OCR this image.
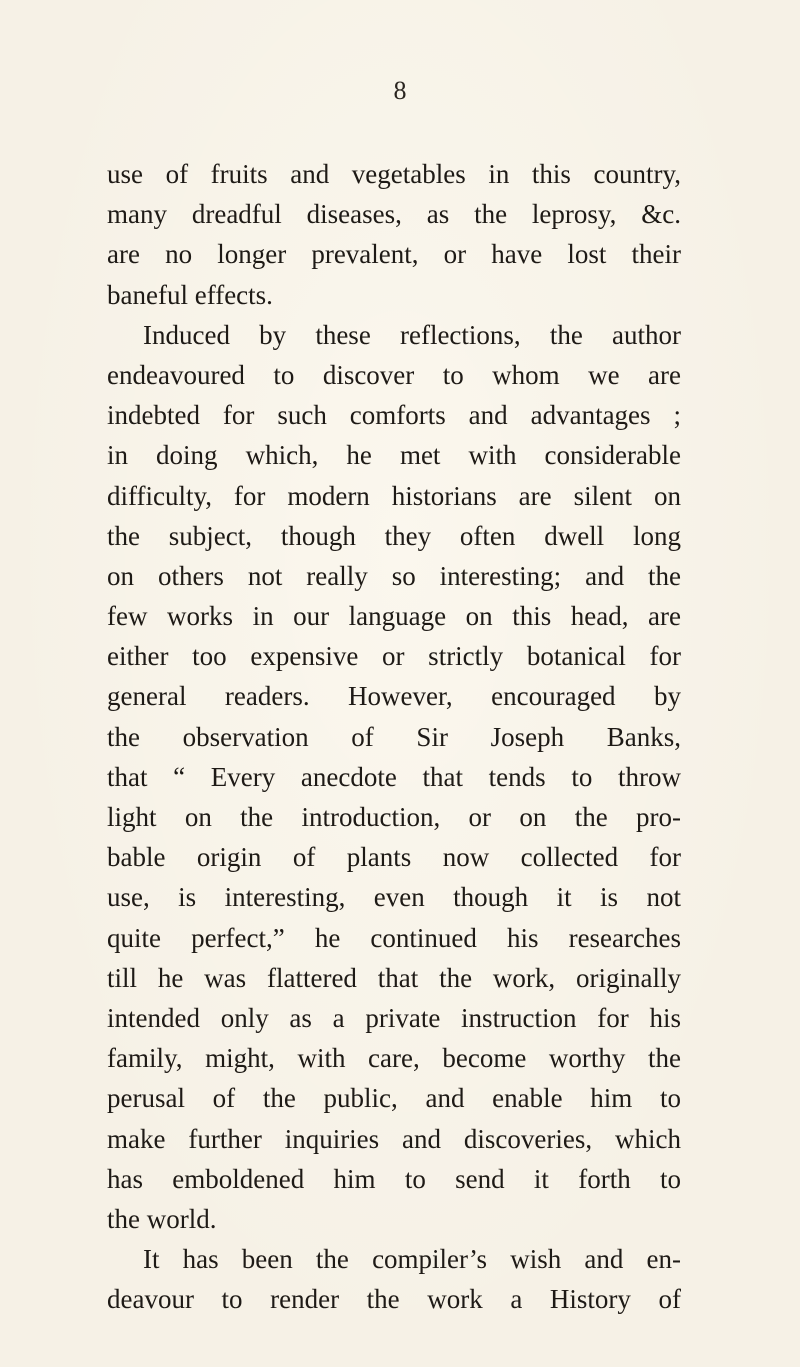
8
use of fruits and vegetables in this country,
many dreadful diseases, as the leprosy, &c.
are no longer prevalent, or have lost their
baneful effects.
Induced by these reflections, the author
endeavoured to discover to whom we are
indebted for such comforts and advantages ;
in doing which, he met with considerable
difficulty, for modern historians are silent on
the subject, though they often dwell long
on others not really so interesting; and the
few works in our language on this head, are
either too expensive or strictly botanical for
general readers. However, encouraged by
the observation of Sir Joseph Banks,
that “ Every anecdote that tends to throw
light on the introduction, or on the pro-
bable origin of plants now collected for
use, is interesting, even though it is not
quite perfect,” he continued his researches
till he was flattered that the work, originally
intended only as a private instruction for his
family, might, with care, become worthy the
perusal of the public, and enable him to
make further inquiries and discoveries, which
has emboldened him to send it forth to
the world.
It has been the compiler’s wish and en-
deavour to render the work a History of
